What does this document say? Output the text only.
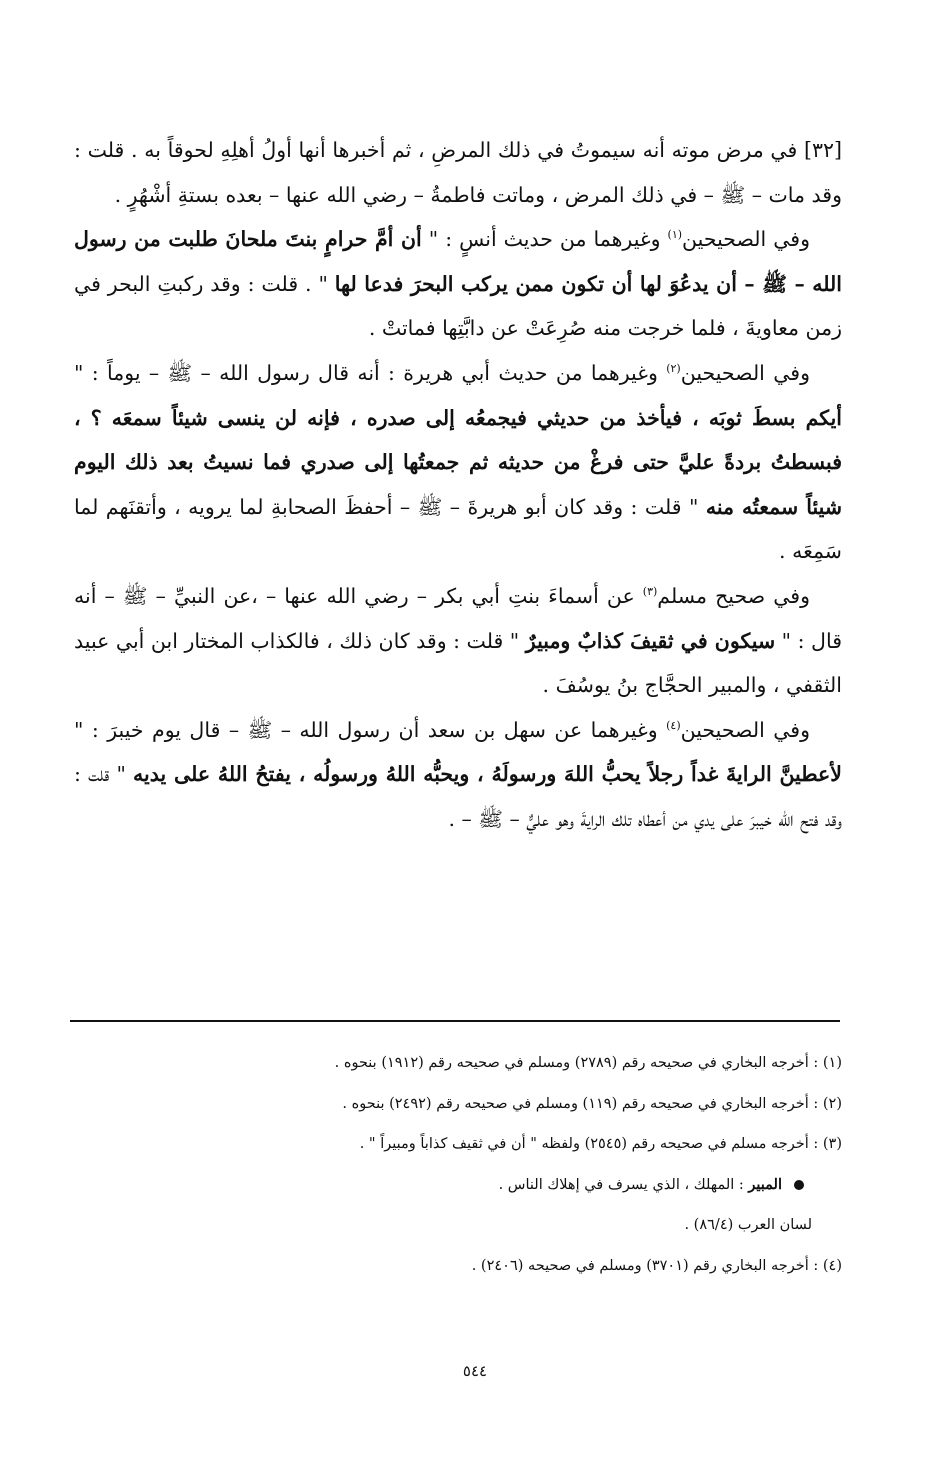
[٣٢] في مرض موته أنه سيموتُ في ذلك المرضِ ، ثم أخبرها أنها أولُ أهلِهِ لحوقاً به . قلت : وقد مات – ﷺ – في ذلك المرض ، وماتت فاطمةُ – رضي الله عنها – بعده بستةِ أشْهُرٍ .

وفي الصحيحين$^{(١)}$ وغيرهما من حديث أنسٍ : " أن أمَّ حرامٍ بنتَ ملحانَ طلبت من رسول الله – ﷺ – أن يدعُوَ لها أن تكون ممن يركب البحرَ فدعا لها " . قلت : وقد ركبتِ البحر في زمن معاويةَ ، فلما خرجت منه صُرِعَتْ عن دابَّتِها فماتتْ .

وفي الصحيحين$^{(٢)}$ وغيرهما من حديث أبي هريرة : أنه قال رسول الله – ﷺ – يوماً : " أيكم بسطَ ثوبَه ، فيأخذ من حديثي فيجمعُه إلى صدره ، فإنه لن ينسى شيئاً سمعَه ؟ ، فبسطتُ بردةً عليَّ حتى فرغْ من حديثه ثم جمعتُها إلى صدري فما نسيتُ بعد ذلك اليوم شيئاً سمعتُه منه " قلت : وقد كان أبو هريرةَ – ﷺ – أحفظَ الصحابةِ لما يرويه ، وأتقنَهم لما سَمِعَه .

وفي صحيح مسلم$^{(٣)}$ عن أسماءَ بنتِ أبي بكر – رضي الله عنها – ،عن النبيِّ – ﷺ – أنه قال : " سيكون في ثقيفَ كذابٌ ومبيرٌ " قلت : وقد كان ذلك ، فالكذاب المختار ابن أبي عبيد الثقفي ، والمبير الحجَّاج بنُ يوسُفَ .

وفي الصحيحين$^{(٤)}$ وغيرهما عن سهل بن سعد أن رسول الله – ﷺ – قال يوم خيبرَ : " لأعطينَّ الرايةَ غداً رجلاً يحبُّ اللهَ ورسولَهُ ، ويحبُّه اللهُ ورسولُه ، يفتحُ اللهُ على يديه " قلت : وقد فتح الله خيبرَ على يدي من أعطاه تلك الرايةَ وهو عليٌّ – ﷺ – .

(١) : أخرجه البخاري في صحيحه رقم (٢٧٨٩) ومسلم في صحيحه رقم (١٩١٢) بنحوه .

(٢) : أخرجه البخاري في صحيحه رقم (١١٩) ومسلم في صحيحه رقم (٢٤٩٢) بنحوه .

(٣) : أخرجه مسلم في صحيحه رقم (٢٥٤٥) ولفظه " أن في ثقيف كذاباً ومبيراً " .

المبير : المهلك ، الذي يسرف في إهلاك الناس .

لسان العرب (٨٦/٤) .

(٤) : أخرجه البخاري رقم (٣٧٠١) ومسلم في صحيحه (٢٤٠٦) .

٥٤٤
